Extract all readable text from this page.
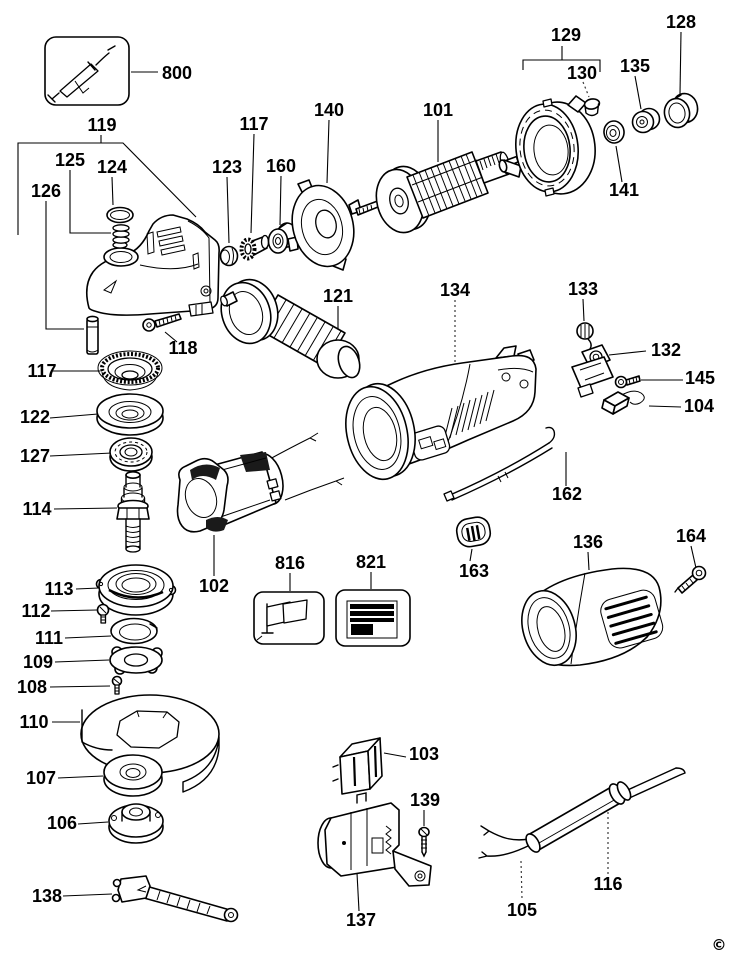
800
119
125 124
126
117
123 160
140	101
129
130 135
128
141
121
118
117
122
127
114
102
113
112
111
109
108
110
107
106
138
816	821	163
136	164
134	133
132
145
104
162
103
139
137	105
116
©
